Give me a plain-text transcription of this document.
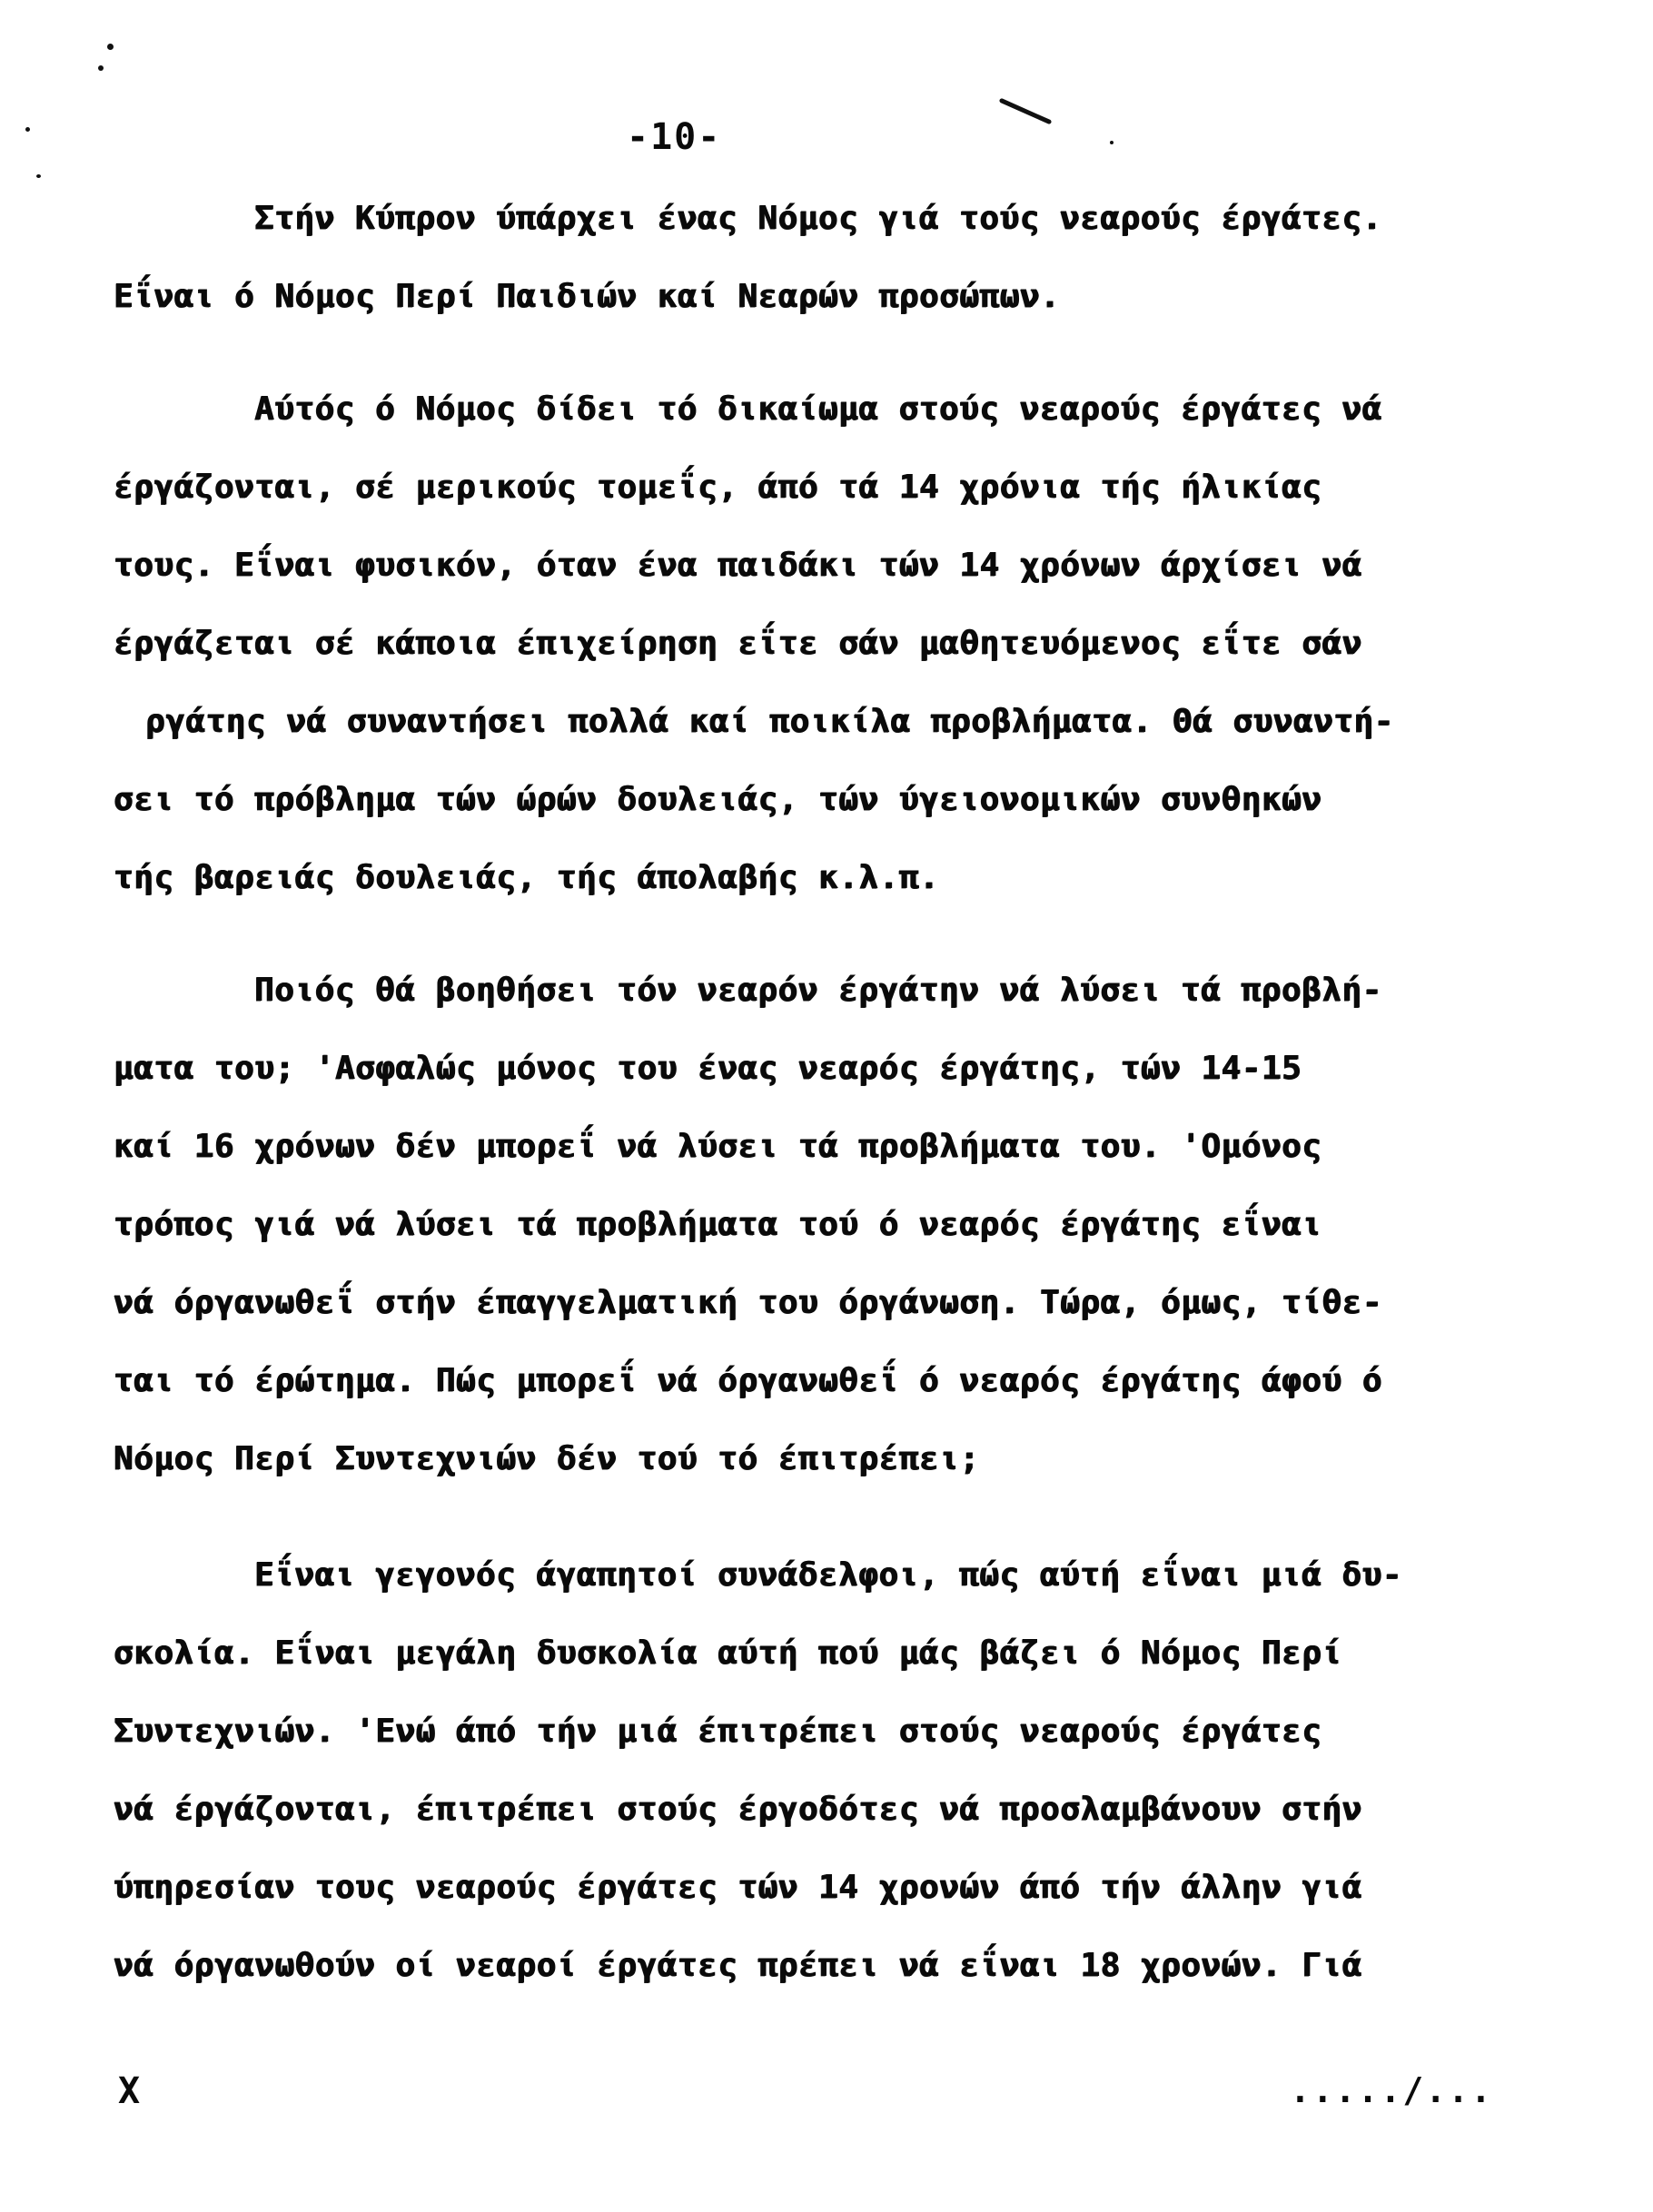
-10-
Στήν Κύπρον ύπάρχει ένας Νόμος γιά τούς νεαρούς έργάτες.
Εΐναι ό Νόμος Περί Παιδιών καί Νεαρών προσώπων.
Αύτός ό Νόμος δίδει τό δικαίωμα στούς νεαρούς έργάτες νά
έργάζονται, σέ μερικούς τομεΐς, άπό τά 14 χρόνια τής ήλικίας
τους. Εΐναι φυσικόν, όταν ένα παιδάκι τών 14 χρόνων άρχίσει νά
έργάζεται σέ κάποια έπιχείρηση εΐτε σάν μαθητευόμενος εΐτε σάν
ργάτης νά συναντήσει πολλά καί ποικίλα προβλήματα. Θά συναντή-
σει τό πρόβλημα τών ώρών δουλειάς, τών ύγειονομικών συνθηκών
τής βαρειάς δουλειάς, τής άπολαβής κ.λ.π.
Ποιός θά βοηθήσει τόν νεαρόν έργάτην νά λύσει τά προβλή-
ματα του; 'Ασφαλώς μόνος του ένας νεαρός έργάτης, τών 14-15
καί 16 χρόνων δέν μπορεΐ νά λύσει τά προβλήματα του. 'Ομόνος
τρόπος γιά νά λύσει τά προβλήματα τού ό νεαρός έργάτης εΐναι
νά όργανωθεΐ στήν έπαγγελματική του όργάνωση. Τώρα, όμως, τίθε-
ται τό έρώτημα. Πώς μπορεΐ νά όργανωθεΐ ό νεαρός έργάτης άφού ό
Νόμος Περί Συντεχνιών δέν τού τό έπιτρέπει;
Εΐναι γεγονός άγαπητοί συνάδελφοι, πώς αύτή εΐναι μιά δυ-
σκολία. Εΐναι μεγάλη δυσκολία αύτή πού μάς βάζει ό Νόμος Περί
Συντεχνιών. 'Ενώ άπό τήν μιά έπιτρέπει στούς νεαρούς έργάτες
νά έργάζονται, έπιτρέπει στούς έργοδότες νά προσλαμβάνουν στήν
ύπηρεσίαν τους νεαρούς έργάτες τών 14 χρονών άπό τήν άλλην γιά
νά όργανωθούν οί νεαροί έργάτες πρέπει νά εΐναι 18 χρονών. Γιά
X	...../...
